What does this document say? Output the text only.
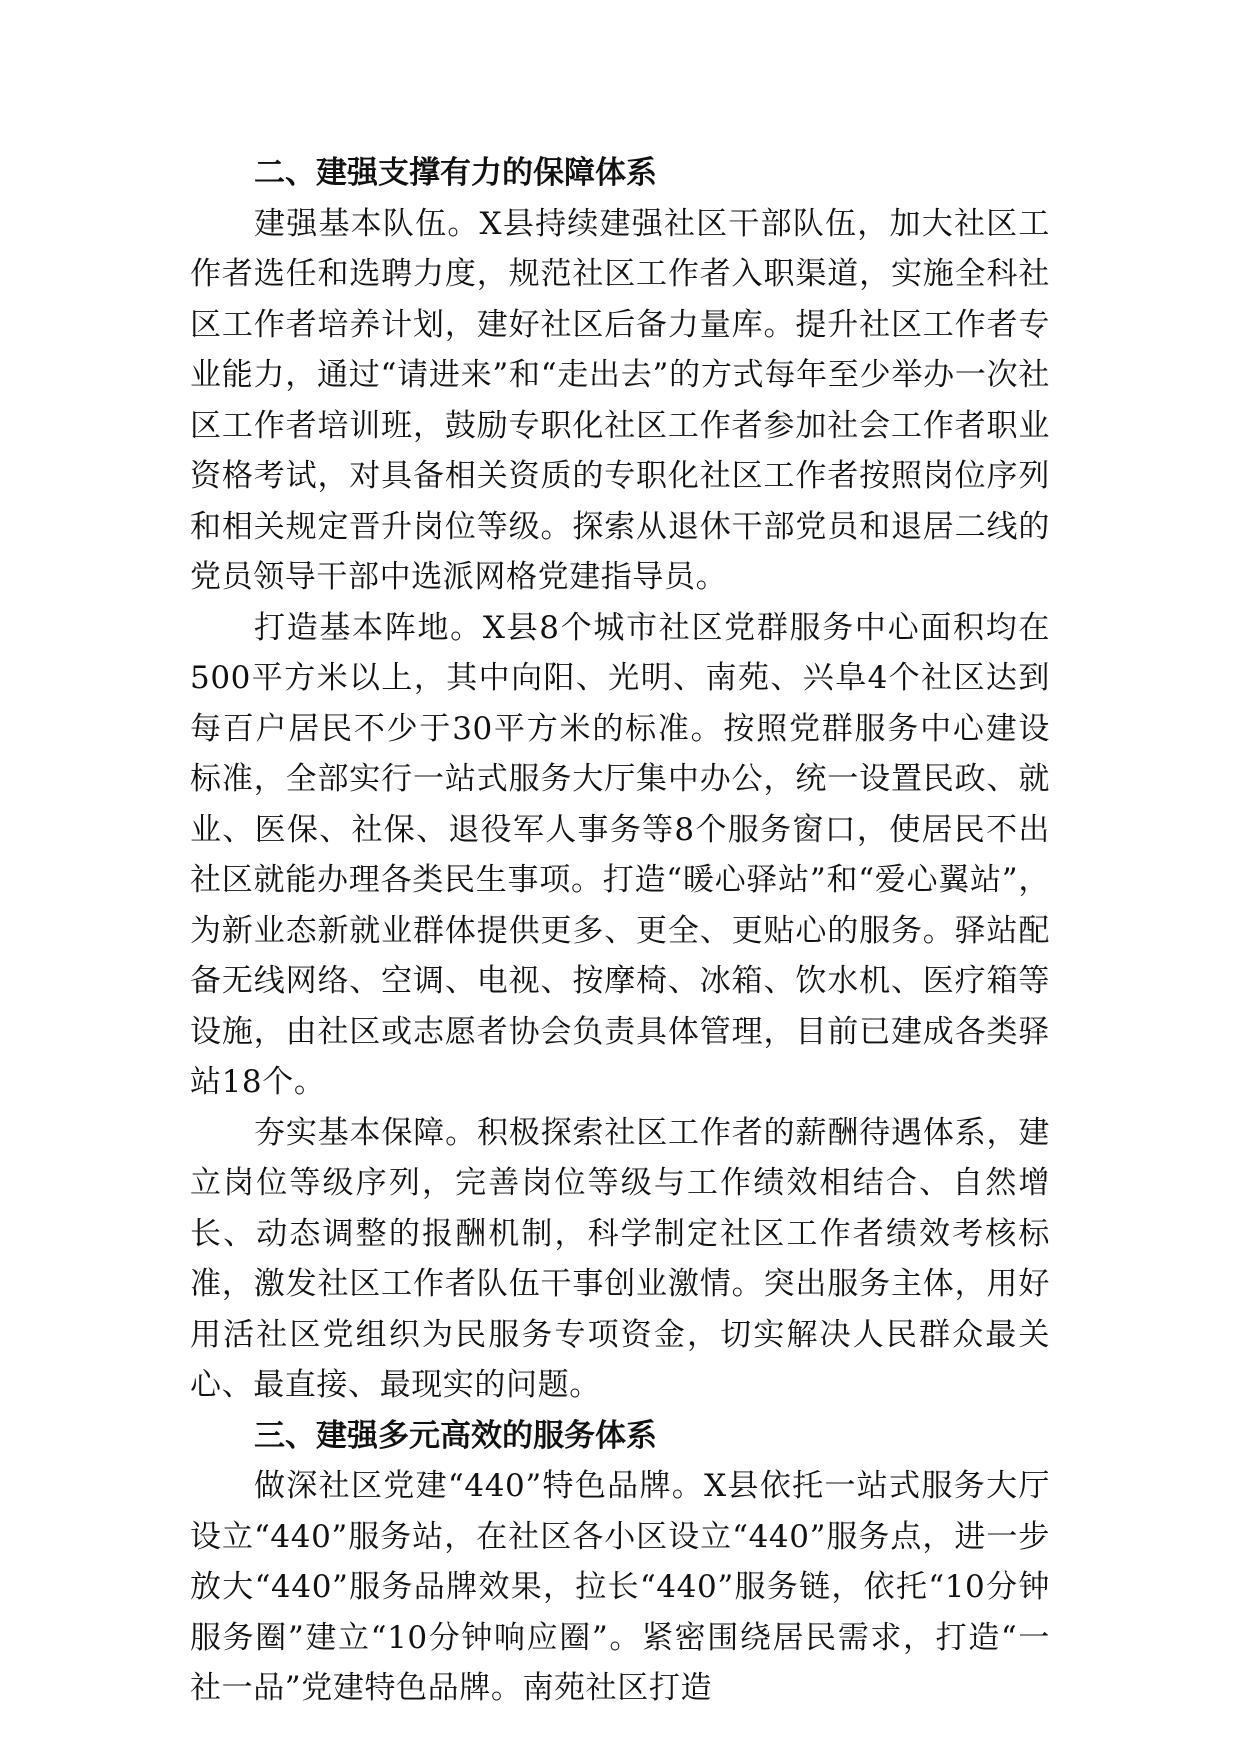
二、建强支撑有力的保障体系

建强基本队伍。X县持续建强社区干部队伍，加大社区工作者选任和选聘力度，规范社区工作者入职渠道，实施全科社区工作者培养计划，建好社区后备力量库。提升社区工作者专业能力，通过“请进来”和“走出去”的方式每年至少举办一次社区工作者培训班，鼓励专职化社区工作者参加社会工作者职业资格考试，对具备相关资质的专职化社区工作者按照岗位序列和相关规定晋升岗位等级。探索从退休干部党员和退居二线的党员领导干部中选派网格党建指导员。

打造基本阵地。X县8个城市社区党群服务中心面积均在500平方米以上，其中向阳、光明、南苑、兴阜4个社区达到每百户居民不少于30平方米的标准。按照党群服务中心建设标准，全部实行一站式服务大厅集中办公，统一设置民政、就业、医保、社保、退役军人事务等8个服务窗口，使居民不出社区就能办理各类民生事项。打造“暖心驿站”和“爱心翼站”，为新业态新就业群体提供更多、更全、更贴心的服务。驿站配备无线网络、空调、电视、按摩椅、冰箱、饮水机、医疗箱等设施，由社区或志愿者协会负责具体管理，目前已建成各类驿站18个。

夯实基本保障。积极探索社区工作者的薪酬待遇体系，建立岗位等级序列，完善岗位等级与工作绩效相结合、自然增长、动态调整的报酬机制，科学制定社区工作者绩效考核标准，激发社区工作者队伍干事创业激情。突出服务主体，用好用活社区党组织为民服务专项资金，切实解决人民群众最关心、最直接、最现实的问题。

三、建强多元高效的服务体系

做深社区党建“440”特色品牌。X县依托一站式服务大厅设立“440”服务站，在社区各小区设立“440”服务点，进一步放大“440”服务品牌效果，拉长“440”服务链，依托“10分钟服务圈”建立“10分钟响应圈”。紧密围绕居民需求，打造“一社一品”党建特色品牌。南苑社区打造
